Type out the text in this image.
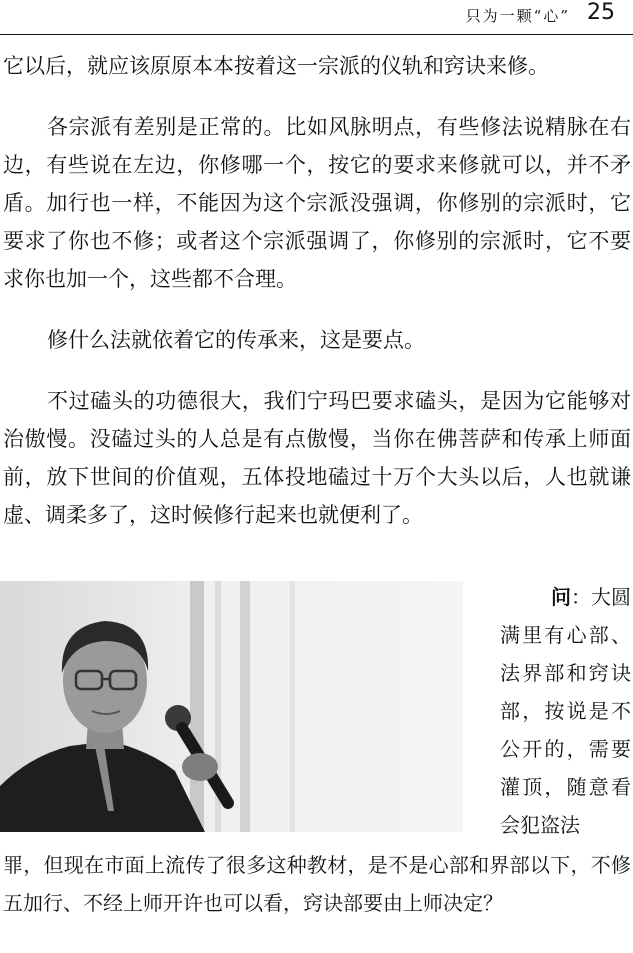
只为一颗“心” 25

它以后，就应该原原本本按着这一宗派的仪轨和窍诀来修。

各宗派有差别是正常的。比如风脉明点，有些修法说精脉在右边，有些说在左边，你修哪一个，按它的要求来修就可以，并不矛盾。加行也一样，不能因为这个宗派没强调，你修别的宗派时，它要求了你也不修；或者这个宗派强调了，你修别的宗派时，它不要求你也加一个，这些都不合理。

修什么法就依着它的传承来，这是要点。

不过磕头的功德很大，我们宁玛巴要求磕头，是因为它能够对治傲慢。没磕过头的人总是有点傲慢，当你在佛菩萨和传承上师面前，放下世间的价值观，五体投地磕过十万个大头以后，人也就谦虚、调柔多了，这时候修行起来也就便利了。

问：大圆
满里有心部、法界部和窍诀部，按说是不公开的，需要灌顶，随意看会犯盗法
罪，但现在市面上流传了很多这种教材，是不是心部和界部以下，不修五加行、不经上师开许也可以看，窍诀部要由上师决定？
